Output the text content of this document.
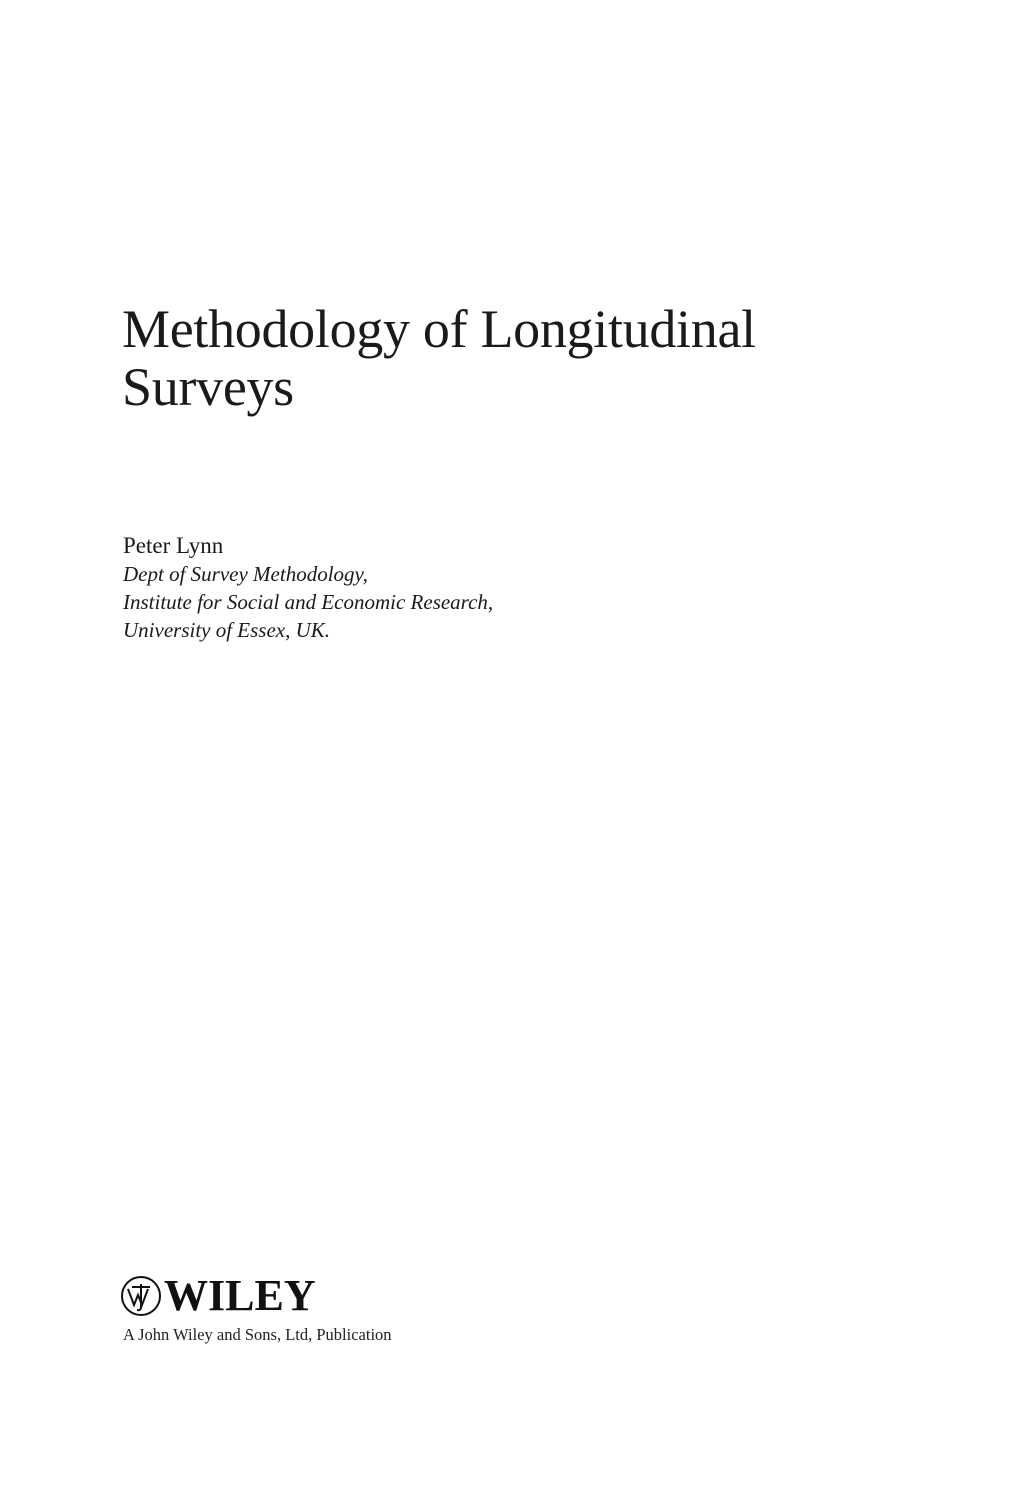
Methodology of Longitudinal
Surveys
Peter Lynn
Dept of Survey Methodology,
Institute for Social and Economic Research,
University of Essex, UK.
WILEY
A John Wiley and Sons, Ltd, Publication
